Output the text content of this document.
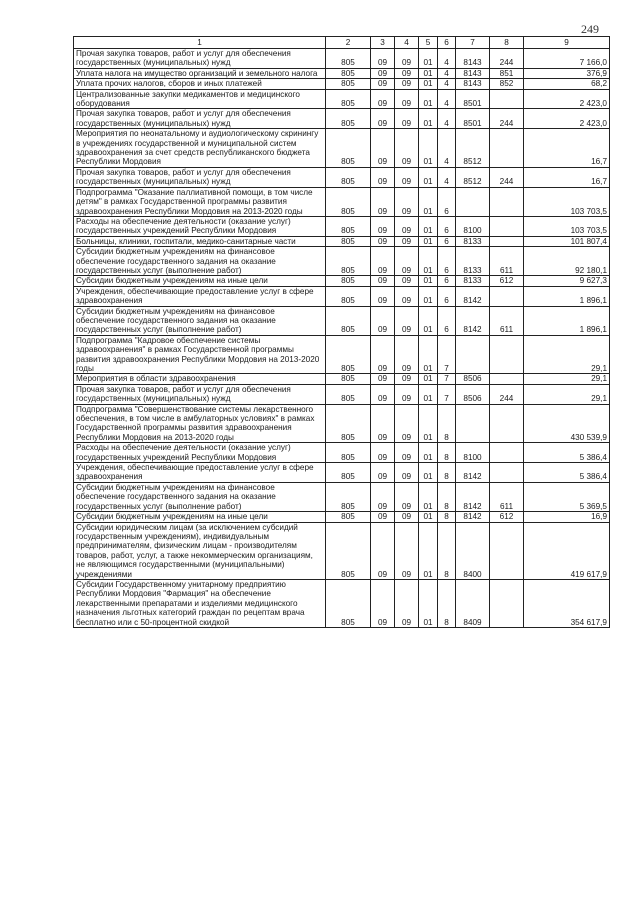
249
1	2	3	4	5	6	7	8	9
Прочая закупка товаров, работ и услуг для обеспечения государственных (муниципальных) нужд	805	09	09	01	4	8143	244	7 166,0
Уплата налога на имущество организаций и земельного налога	805	09	09	01	4	8143	851	376,9
Уплата прочих налогов, сборов и иных платежей	805	09	09	01	4	8143	852	68,2
Централизованные закупки медикаментов и медицинского оборудования	805	09	09	01	4	8501		2 423,0
Прочая закупка товаров, работ и услуг для обеспечения государственных (муниципальных) нужд	805	09	09	01	4	8501	244	2 423,0
Мероприятия по неонатальному и аудиологическому скринингу в учреждениях государственной и муниципальной систем здравоохранения за счет средств республиканского бюджета Республики Мордовия	805	09	09	01	4	8512		16,7
Прочая закупка товаров, работ и услуг для обеспечения государственных (муниципальных) нужд	805	09	09	01	4	8512	244	16,7
Подпрограмма "Оказание паллиативной помощи, в том числе детям" в рамках Государственной программы развития здравоохранения Республики Мордовия на 2013-2020 годы	805	09	09	01	6			103 703,5
Расходы на обеспечение деятельности (оказание услуг) государственных учреждений Республики Мордовия	805	09	09	01	6	8100		103 703,5
Больницы, клиники, госпитали, медико-санитарные части	805	09	09	01	6	8133		101 807,4
Субсидии бюджетным учреждениям на финансовое обеспечение государственного задания на оказание государственных услуг (выполнение работ)	805	09	09	01	6	8133	611	92 180,1
Субсидии бюджетным учреждениям на иные цели	805	09	09	01	6	8133	612	9 627,3
Учреждения, обеспечивающие предоставление услуг в сфере здравоохранения	805	09	09	01	6	8142		1 896,1
Субсидии бюджетным учреждениям на финансовое обеспечение государственного задания на оказание государственных услуг (выполнение работ)	805	09	09	01	6	8142	611	1 896,1
Подпрограмма "Кадровое обеспечение системы здравоохранения" в рамках Государственной программы развития здравоохранения Республики Мордовия на 2013-2020 годы	805	09	09	01	7			29,1
Мероприятия в области здравоохранения	805	09	09	01	7	8506		29,1
Прочая закупка товаров, работ и услуг для обеспечения государственных (муниципальных) нужд	805	09	09	01	7	8506	244	29,1
Подпрограмма "Совершенствование системы лекарственного обеспечения, в том числе в амбулаторных условиях" в рамках Государственной программы развития здравоохранения Республики Мордовия на 2013-2020 годы	805	09	09	01	8			430 539,9
Расходы на обеспечение деятельности (оказание услуг) государственных учреждений Республики Мордовия	805	09	09	01	8	8100		5 386,4
Учреждения, обеспечивающие предоставление услуг в сфере здравоохранения	805	09	09	01	8	8142		5 386,4
Субсидии бюджетным учреждениям на финансовое обеспечение государственного задания на оказание государственных услуг (выполнение работ)	805	09	09	01	8	8142	611	5 369,5
Субсидии бюджетным учреждениям на иные цели	805	09	09	01	8	8142	612	16,9
Субсидии юридическим лицам (за исключением субсидий государственным учреждениям), индивидуальным предпринимателям, физическим лицам - производителям товаров, работ, услуг, а также некоммерческим организациям, не являющимся государственными (муниципальными) учреждениями	805	09	09	01	8	8400		419 617,9
Субсидии Государственному унитарному предприятию Республики Мордовия "Фармация" на обеспечение лекарственными препаратами и изделиями медицинского назначения льготных категорий граждан по рецептам врача бесплатно или с 50-процентной скидкой	805	09	09	01	8	8409		354 617,9
